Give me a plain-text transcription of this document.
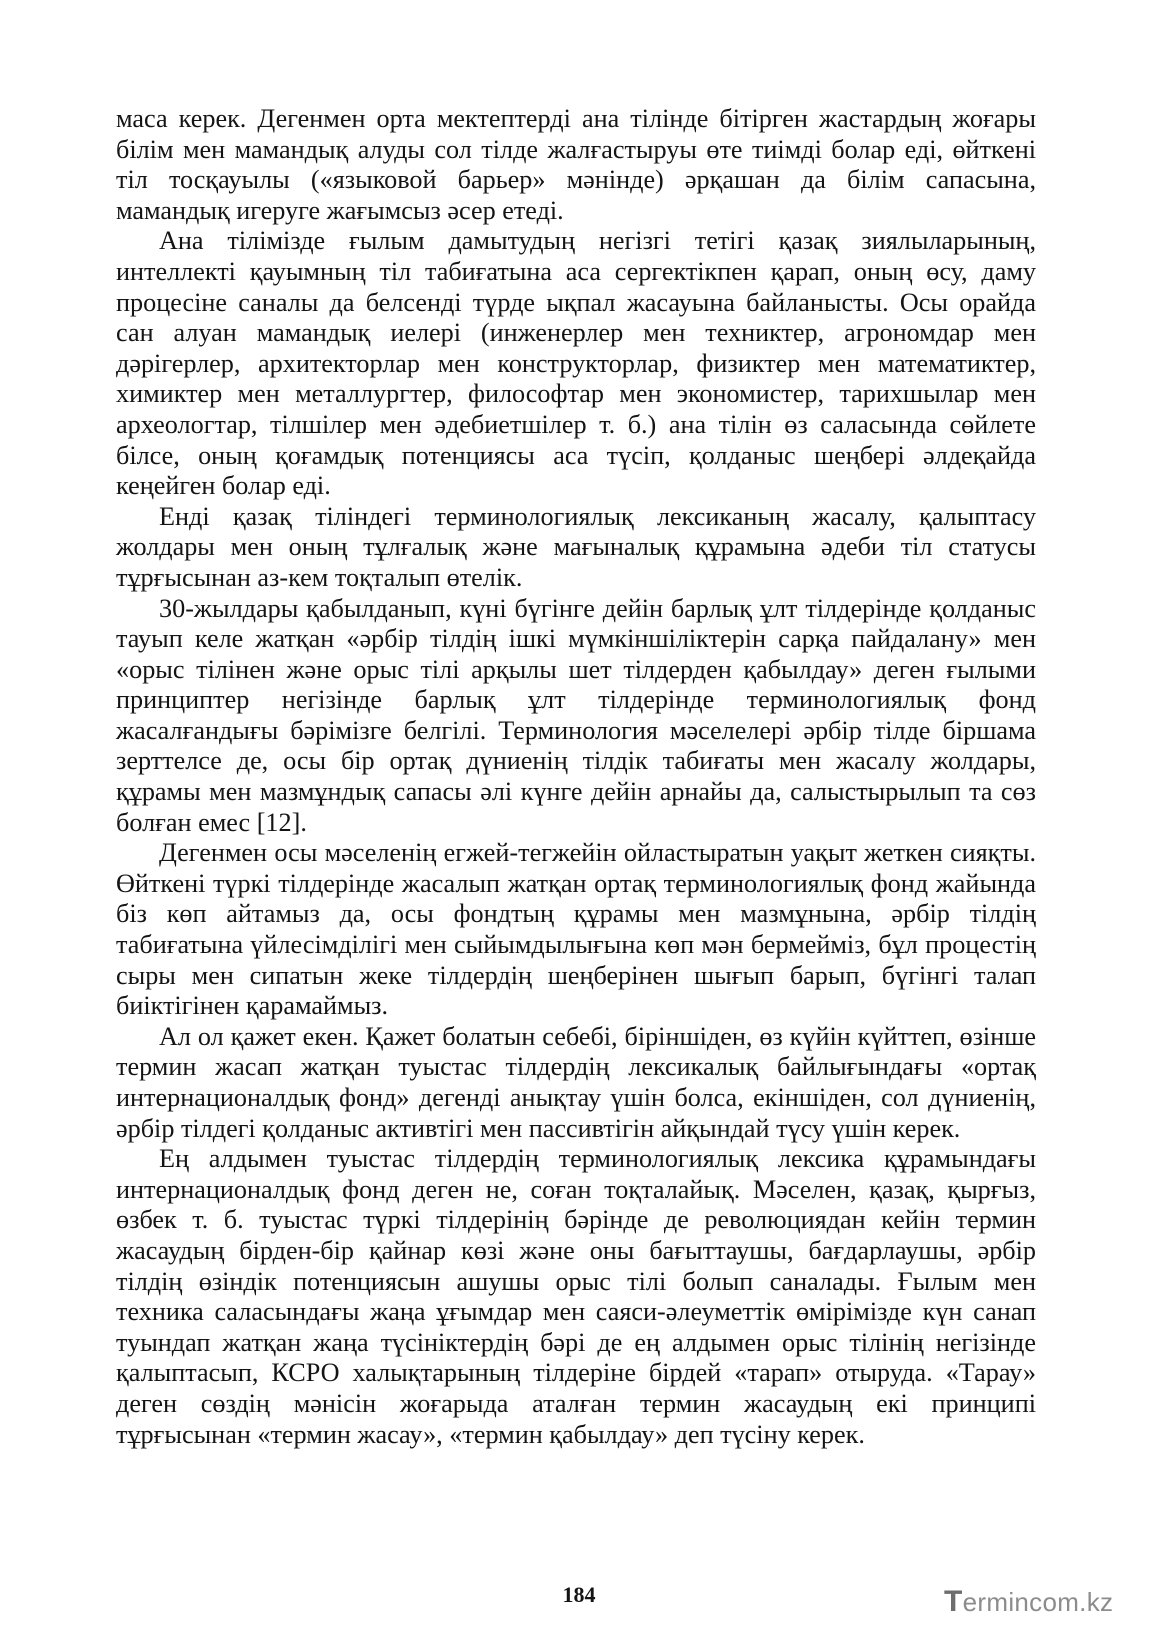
маса керек. Дегенмен орта мектептерді ана тілінде бітірген жастардың жоғары білім мен мамандық алуды сол тілде жалғастыруы өте тиімді болар еді, өйткені тіл тосқауылы («языковой барьер» мәнінде) әрқашан да білім сапасына, мамандық игеруге жағымсыз әсер етеді.

Ана тілімізде ғылым дамытудың негізгі тетігі қазақ зиялыларының, интеллекті қауымның тіл табиғатына аса сергектікпен қарап, оның өсу, даму процесіне саналы да белсенді түрде ықпал жасауына байланысты. Осы орайда сан алуан мамандық иелері (инженерлер мен техниктер, агрономдар мен дәрігерлер, архитекторлар мен конструкторлар, физиктер мен математиктер, химиктер мен металлургтер, философтар мен экономистер, тарихшылар мен археологтар, тілшілер мен әдебиетшілер т. б.) ана тілін өз саласында сөйлете білсе, оның қоғамдық потенциясы аса түсіп, қолданыс шеңбері әлдеқайда кеңейген болар еді.

Енді қазақ тіліндегі терминологиялық лексиканың жасалу, қалыптасу жолдары мен оның тұлғалық және мағыналық құрамына әдеби тіл статусы тұрғысынан аз-кем тоқталып өтелік.

30-жылдары қабылданып, күні бүгінге дейін барлық ұлт тілдерінде қолданыс тауып келе жатқан «әрбір тілдің ішкі мүмкіншіліктерін сарқа пайдалану» мен «орыс тілінен және орыс тілі арқылы шет тілдерден қабылдау» деген ғылыми принциптер негізінде барлық ұлт тілдерінде терминологиялық фонд жасалғандығы бәрімізге белгілі. Терминология мәселелері әрбір тілде біршама зерттелсе де, осы бір ортақ дүниенің тілдік табиғаты мен жасалу жолдары, құрамы мен мазмұндық сапасы әлі күнге дейін арнайы да, салыстырылып та сөз болған емес [12].

Дегенмен осы мәселенің егжей-тегжейін ойластыратын уақыт жеткен сияқты. Өйткені түркі тілдерінде жасалып жатқан ортақ терминологиялық фонд жайында біз көп айтамыз да, осы фондтың құрамы мен мазмұнына, әрбір тілдің табиғатына үйлесімділігі мен сыйымдылығына көп мән бермейміз, бұл процестің сыры мен сипатын жеке тілдердің шеңберінен шығып барып, бүгінгі талап биіктігінен қарамаймыз.

Ал ол қажет екен. Қажет болатын себебі, біріншіден, өз күйін күйттеп, өзінше термин жасап жатқан туыстас тілдердің лексикалық байлығындағы «ортақ интернационалдық фонд» дегенді анықтау үшін болса, екіншіден, сол дүниенің, әрбір тілдегі қолданыс активтігі мен пассивтігін айқындай түсу үшін керек.

Ең алдымен туыстас тілдердің терминологиялық лексика құрамындағы интернационалдық фонд деген не, соған тоқталайық. Мәселен, қазақ, қырғыз, өзбек т. б. туыстас түркі тілдерінің бәрінде де революциядан кейін термин жасаудың бірден-бір қайнар көзі және оны бағыттаушы, бағдарлаушы, әрбір тілдің өзіндік потенциясын ашушы орыс тілі болып саналады. Ғылым мен техника саласындағы жаңа ұғымдар мен саяси-әлеуметтік өмірімізде күн санап туындап жатқан жаңа түсініктердің бәрі де ең алдымен орыс тілінің негізінде қалыптасып, КСРО халықтарының тілдеріне бірдей «тарап» отыруда. «Тарау» деген сөздің мәнісін жоғарыда аталған термин жасаудың екі принципі тұрғысынан «термин жасау», «термин қабылдау» деп түсіну керек.

184	Termincom.kz
